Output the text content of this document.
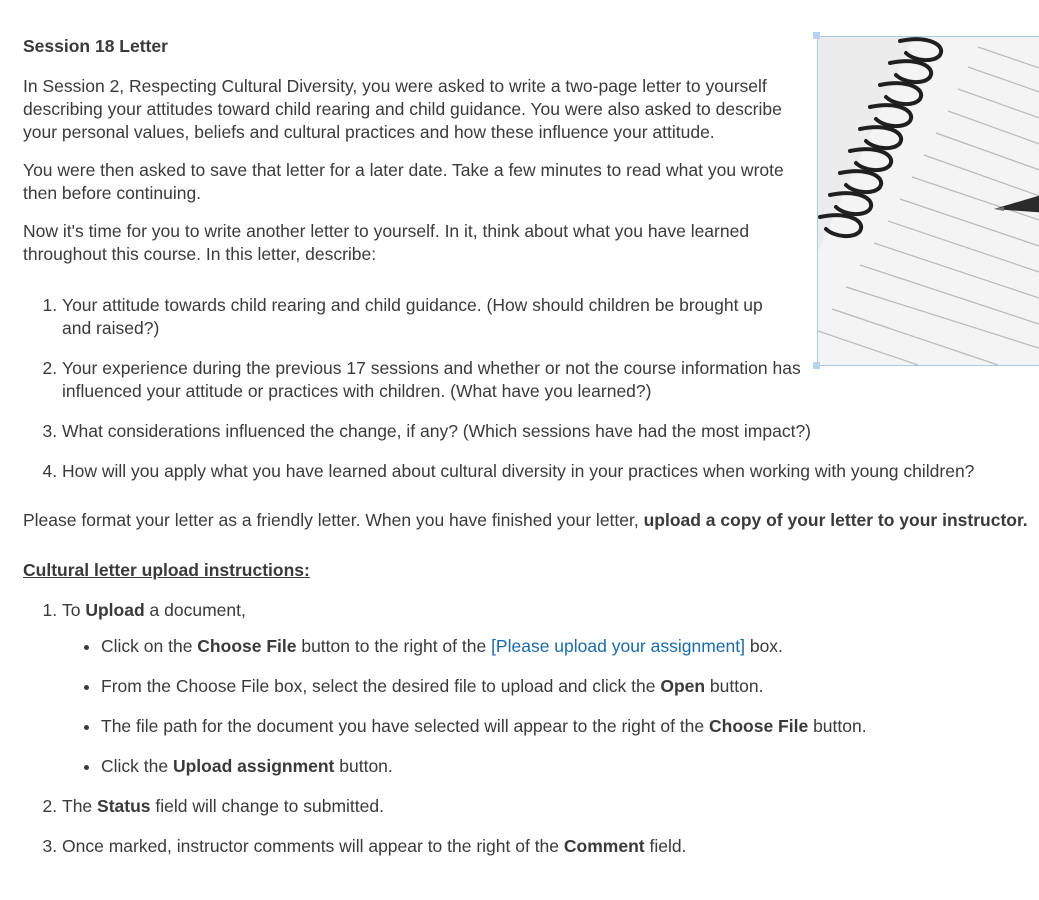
Session 18 Letter

In Session 2, Respecting Cultural Diversity, you were asked to write a two-page letter to yourself describing your attitudes toward child rearing and child guidance. You were also asked to describe your personal values, beliefs and cultural practices and how these influence your attitude.

You were then asked to save that letter for a later date. Take a few minutes to read what you wrote then before continuing.

Now it's time for you to write another letter to yourself. In it, think about what you have learned throughout this course. In this letter, describe:

1. Your attitude towards child rearing and child guidance. (How should children be brought up and raised?)
2. Your experience during the previous 17 sessions and whether or not the course information has influenced your attitude or practices with children. (What have you learned?)
3. What considerations influenced the change, if any? (Which sessions have had the most impact?)
4. How will you apply what you have learned about cultural diversity in your practices when working with young children?
Please format your letter as a friendly letter. When you have finished your letter, upload a copy of your letter to your instructor.
Cultural letter upload instructions:
1. To Upload a document,
• Click on the Choose File button to the right of the [Please upload your assignment] box.
• From the Choose File box, select the desired file to upload and click the Open button.
• The file path for the document you have selected will appear to the right of the Choose File button.
• Click the Upload assignment button.
2. The Status field will change to submitted.
3. Once marked, instructor comments will appear to the right of the Comment field.
